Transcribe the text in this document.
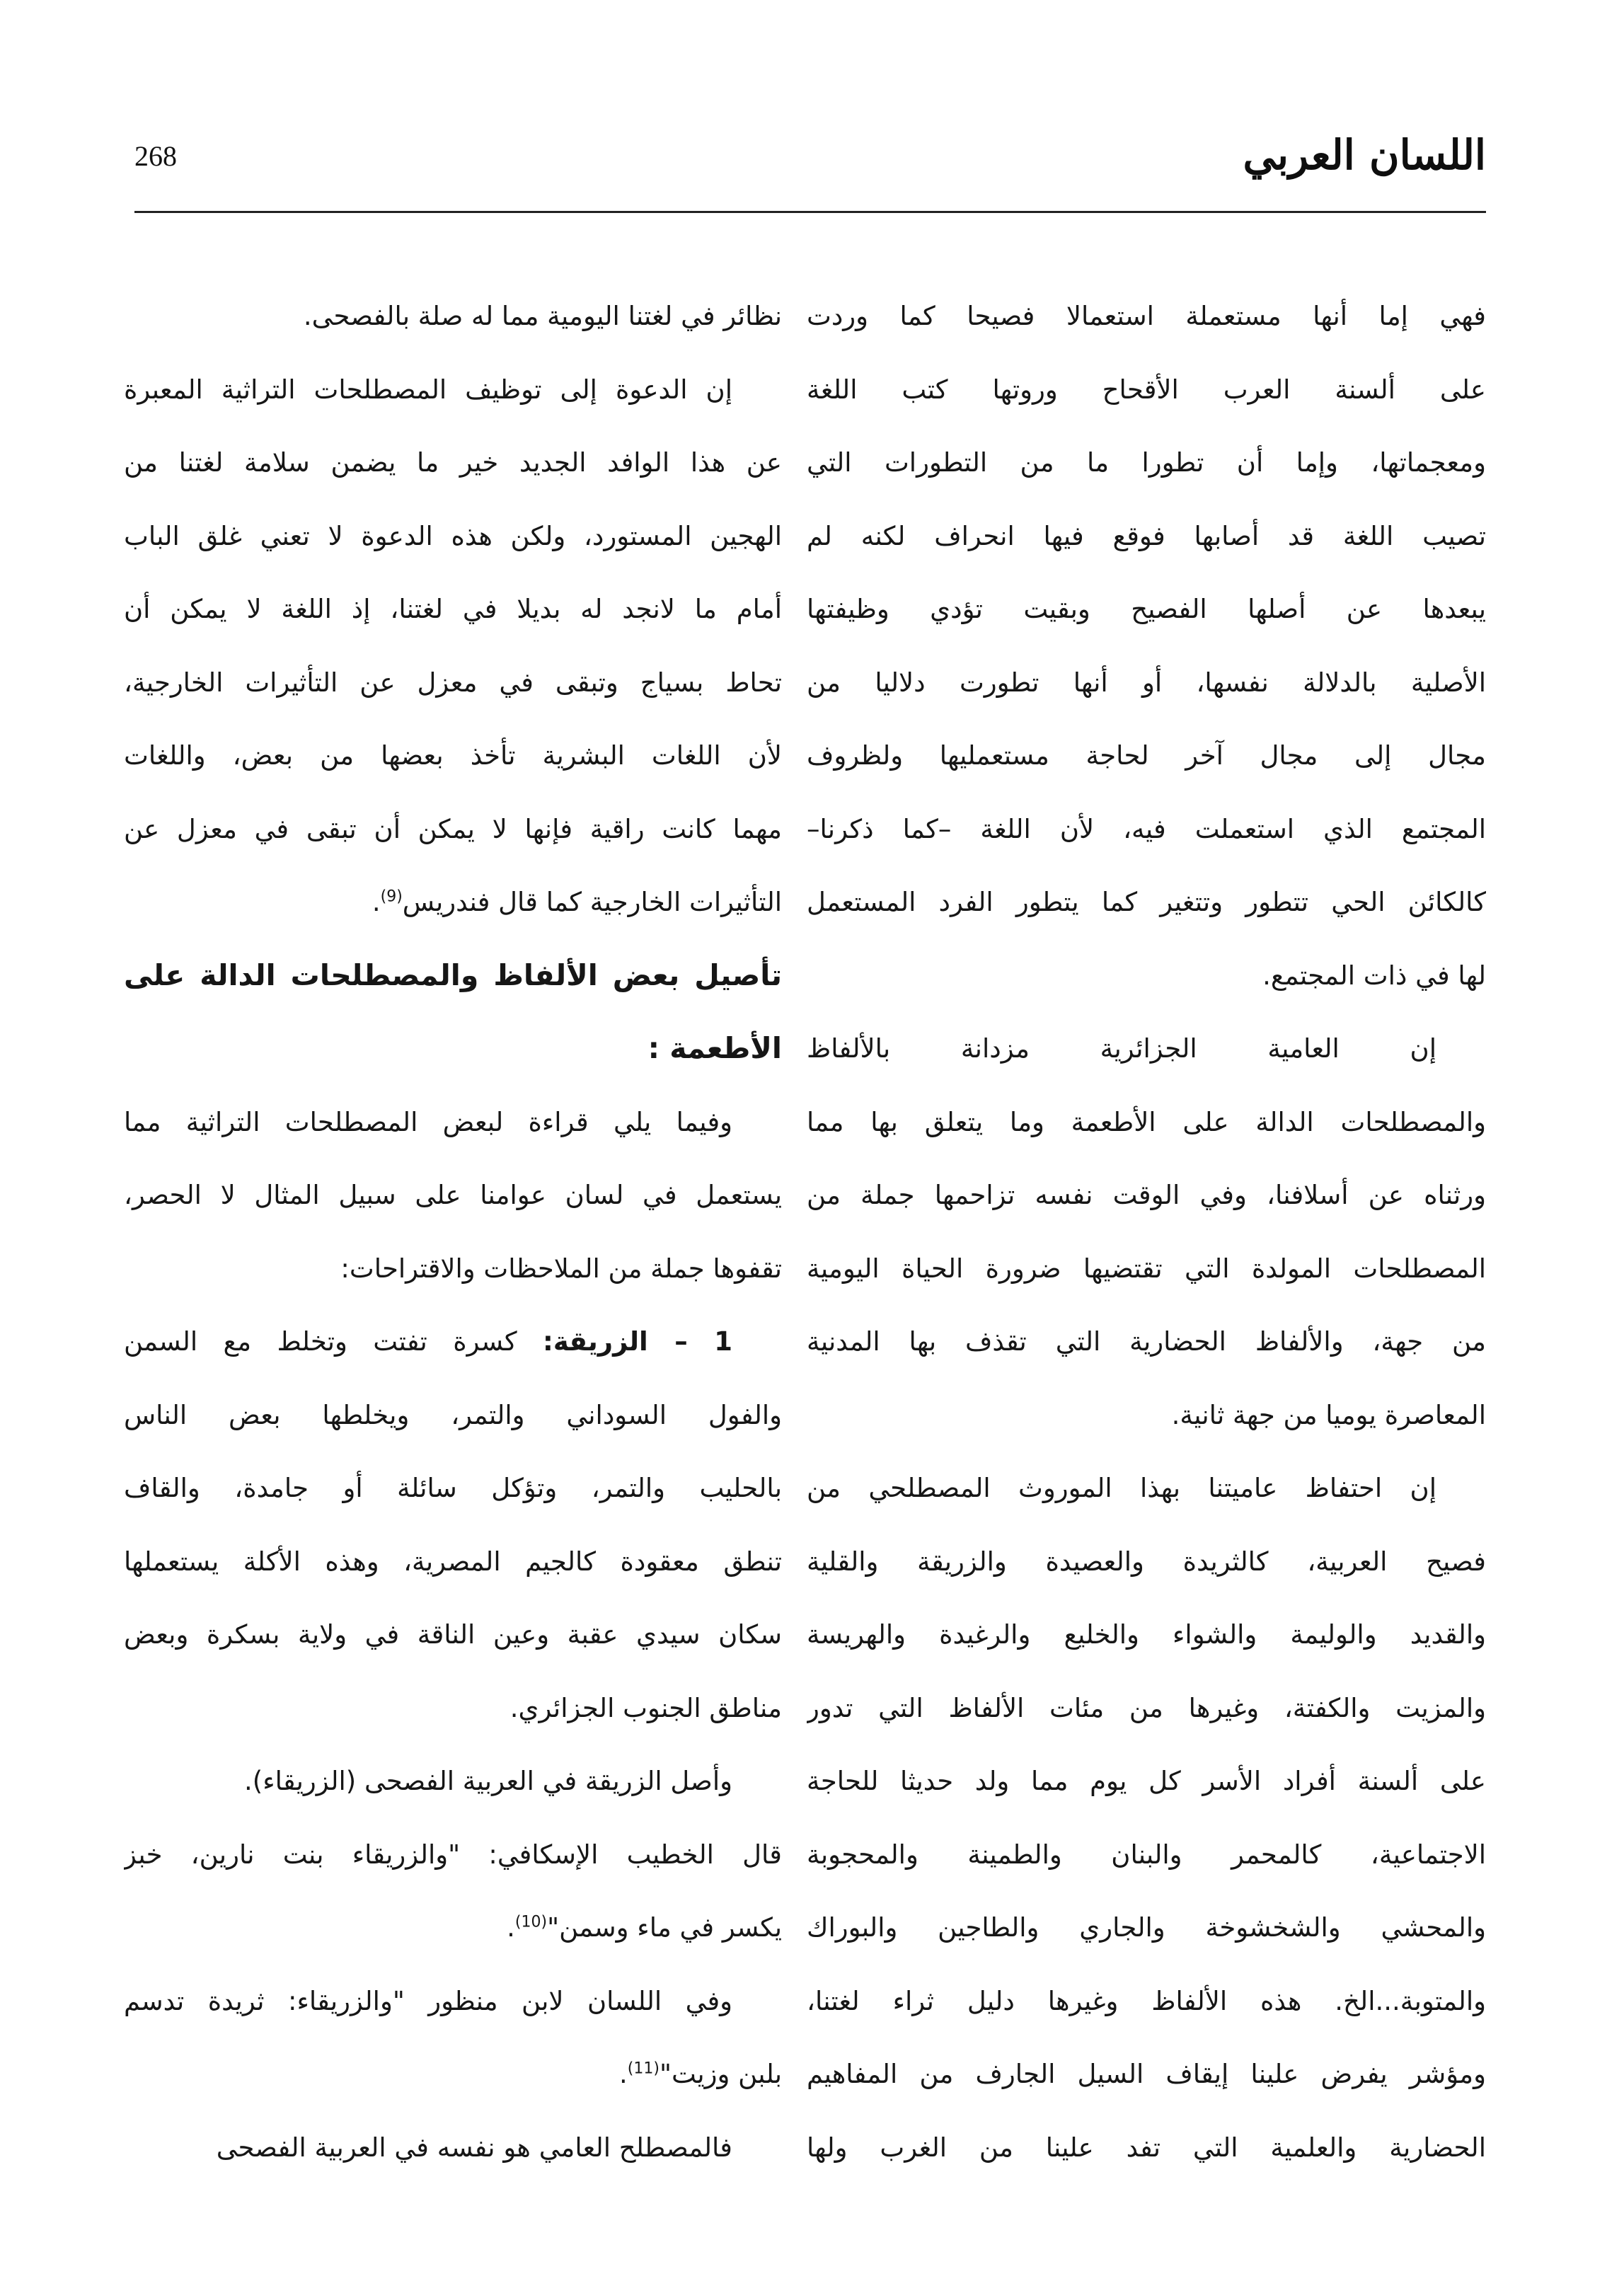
اللسان العربي
268
فهي إما أنها مستعملة استعمالا فصيحا كما وردت
على ألسنة العرب الأقحاح وروتها كتب اللغة
ومعجماتها، وإما أن تطورا ما من التطورات التي
تصيب اللغة قد أصابها فوقع فيها انحراف لكنه لم
يبعدها عن أصلها الفصيح وبقيت تؤدي وظيفتها
الأصلية بالدلالة نفسها، أو أنها تطورت دلاليا من
مجال إلى مجال آخر لحاجة مستعمليها ولظروف
المجتمع الذي استعملت فيه، لأن اللغة –كما ذكرنا–
كالكائن الحي تتطور وتتغير كما يتطور الفرد المستعمل
لها في ذات المجتمع.
إن العامية الجزائرية مزدانة بالألفاظ
والمصطلحات الدالة على الأطعمة وما يتعلق بها مما
ورثناه عن أسلافنا، وفي الوقت نفسه تزاحمها جملة من
المصطلحات المولدة التي تقتضيها ضرورة الحياة اليومية
من جهة، والألفاظ الحضارية التي تقذف بها المدنية
المعاصرة يوميا من جهة ثانية.
إن احتفاظ عاميتنا بهذا الموروث المصطلحي من
فصيح العربية، كالثريدة والعصيدة والزريقة والقلية
والقديد والوليمة والشواء والخليع والرغيدة والهريسة
والمزيت والكفتة، وغيرها من مئات الألفاظ التي تدور
على ألسنة أفراد الأسر كل يوم مما ولد حديثا للحاجة
الاجتماعية، كالمحمر والبنان والطمينة والمحجوبة
والمحشي والشخشوخة والجاري والطاجين والبوراك
والمتوبة...الخ. هذه الألفاظ وغيرها دليل ثراء لغتنا،
ومؤشر يفرض علينا إيقاف السيل الجارف من المفاهيم
الحضارية والعلمية التي تفد علينا من الغرب ولها
نظائر في لغتنا اليومية مما له صلة بالفصحى.
إن الدعوة إلى توظيف المصطلحات التراثية المعبرة
عن هذا الوافد الجديد خير ما يضمن سلامة لغتنا من
الهجين المستورد، ولكن هذه الدعوة لا تعني غلق الباب
أمام ما لانجد له بديلا في لغتنا، إذ اللغة لا يمكن أن
تحاط بسياج وتبقى في معزل عن التأثيرات الخارجية،
لأن اللغات البشرية تأخذ بعضها من بعض، واللغات
مهما كانت راقية فإنها لا يمكن أن تبقى في معزل عن
التأثيرات الخارجية كما قال فندريس$^{(9)}$.
تأصيل بعض الألفاظ والمصطلحات الدالة على
الأطعمة :
وفيما يلي قراءة لبعض المصطلحات التراثية مما
يستعمل في لسان عوامنا على سبيل المثال لا الحصر،
تقفوها جملة من الملاحظات والاقتراحات:
1 – الزريقة: كسرة تفتت وتخلط مع السمن
والفول السوداني والتمر، ويخلطها بعض الناس
بالحليب والتمر، وتؤكل سائلة أو جامدة، والقاف
تنطق معقودة كالجيم المصرية، وهذه الأكلة يستعملها
سكان سيدي عقبة وعين الناقة في ولاية بسكرة وبعض
مناطق الجنوب الجزائري.
وأصل الزريقة في العربية الفصحى (الزريقاء).
قال الخطيب الإسكافي: "والزريقاء بنت نارين، خبز
يكسر في ماء وسمن"$^{(10)}$.
وفي اللسان لابن منظور "والزريقاء: ثريدة تدسم
بلبن وزيت"$^{(11)}$.
فالمصطلح العامي هو نفسه في العربية الفصحى
